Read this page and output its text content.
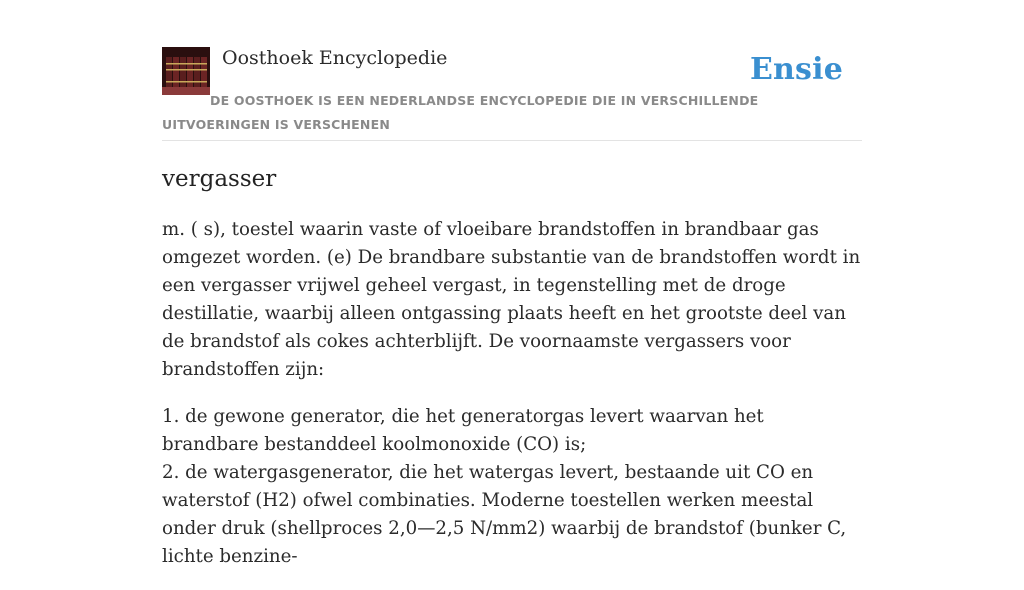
Oosthoek Encyclopedie	Ensie
DE OOSTHOEK IS EEN NEDERLANDSE ENCYCLOPEDIE DIE IN VERSCHILLENDE UITVOERINGEN IS VERSCHENEN
vergasser

m. ( s), toestel waarin vaste of vloeibare brandstoffen in brandbaar gas omgezet worden. (e) De brandbare substantie van de brandstoffen wordt in een vergasser vrijwel geheel vergast, in tegenstelling met de droge destillatie, waarbij alleen ontgassing plaats heeft en het grootste deel van de brandstof als cokes achterblijft. De voornaamste vergassers voor brandstoffen zijn:

1. de gewone generator, die het generatorgas levert waarvan het brandbare bestanddeel koolmonoxide (CO) is;
2. de watergasgenerator, die het watergas levert, bestaande uit CO en waterstof (H2) ofwel combinaties. Moderne toestellen werken meestal onder druk (shellproces 2,0—2,5 N/mm2) waarbij de brandstof (bunker C, lichte benzine-
